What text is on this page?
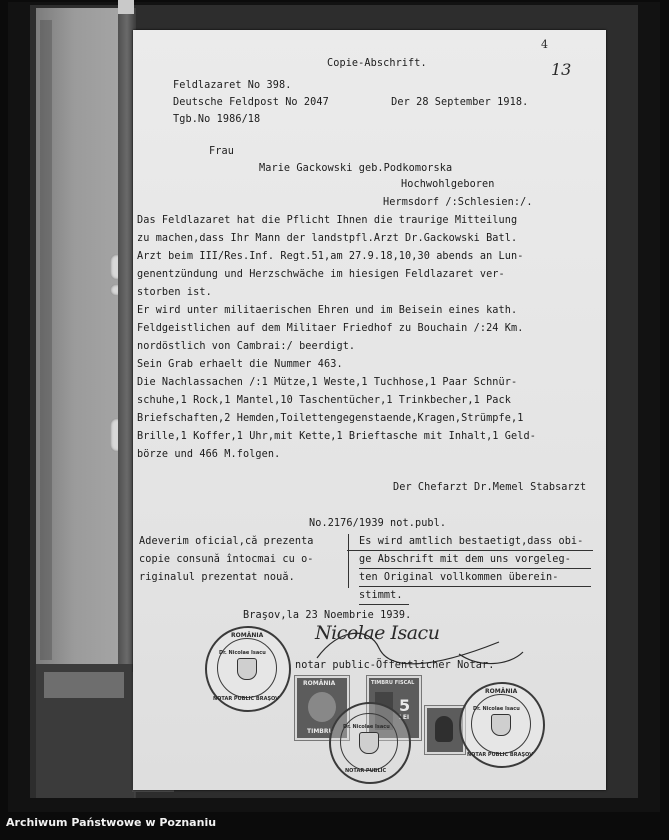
Copie-Abschrift.
4
13
Feldlazaret No 398.
Deutsche Feldpost No 2047          Der 28 September 1918.
Tgb.No 1986/18
Frau
Marie Gackowski geb.Podkomorska
Hochwohlgeboren
Hermsdorf /:Schlesien:/.
Das Feldlazaret hat die Pflicht Ihnen die traurige Mitteilung
zu machen,dass Ihr Mann der landstpfl.Arzt Dr.Gackowski Batl.
Arzt beim III/Res.Inf. Regt.51,am 27.9.18,10,30 abends an Lun-
genentzündung und Herzschwäche im hiesigen Feldlazaret ver-
storben ist.
Er wird unter militaerischen Ehren und im Beisein eines kath.
Feldgeistlichen auf dem Militaer Friedhof zu Bouchain /:24 Km.
nordöstlich von Cambrai:/ beerdigt.
Sein Grab erhaelt die Nummer 463.
Die Nachlassachen /:1 Mütze,1 Weste,1 Tuchhose,1 Paar Schnür-
schuhe,1 Rock,1 Mantel,10 Taschentücher,1 Trinkbecher,1 Pack
Briefschaften,2 Hemden,Toilettengegenstaende,Kragen,Strümpfe,1
Brille,1 Koffer,1 Uhr,mit Kette,1 Brieftasche mit Inhalt,1 Geld-
börze und 466 M.folgen.
Der Chefarzt Dr.Memel Stabsarzt
No.2176/1939 not.publ.
Adeverim oficial,că prezenta
copie consună întocmai cu o-
riginalul prezentat nouă.
Es wird amtlich bestaetigt,dass obi-
ge Abschrift mit dem uns vorgeleg-
ten Original vollkommen überein-
stimmt.
Braşov,la 23 Noembrie 1939.
Nicolae Isacu
notar public-Öffentlicher Notar.
ROMÂNIA
Dr. Nicolae Isacu
NOTAR PUBLIC BRAŞOV
ROMÂNIA
TIMBRU
TIMBRU FISCAL
5
LEI
Dr. Nicolae Isacu
NOTAR PUBLIC
ROMÂNIA
Dr. Nicolae Isacu
NOTAR PUBLIC BRAŞOV
Archiwum Państwowe w Poznaniu
